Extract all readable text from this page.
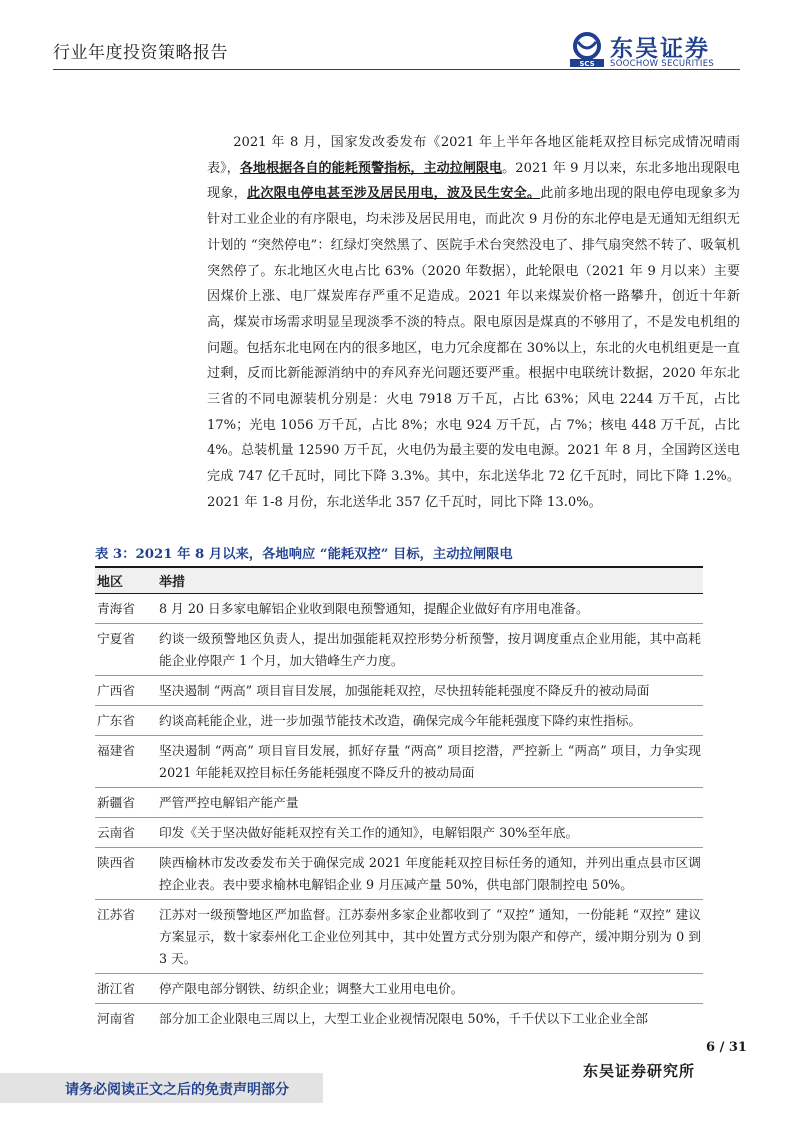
行业年度投资策略报告
SCS
东吴证券
SOOCHOW SECURITIES

2021 年 8 月，国家发改委发布《2021 年上半年各地区能耗双控目标完成情况晴雨表》，各地根据各自的能耗预警指标，主动拉闸限电。2021 年 9 月以来，东北多地出现限电现象，此次限电停电甚至涉及居民用电，波及民生安全。此前多地出现的限电停电现象多为针对工业企业的有序限电，均未涉及居民用电，而此次 9 月份的东北停电是无通知无组织无计划的 “突然停电”：红绿灯突然黑了、医院手术台突然没电了、排气扇突然不转了、吸氧机突然停了。东北地区火电占比 63%（2020 年数据），此轮限电（2021 年 9 月以来）主要因煤价上涨、电厂煤炭库存严重不足造成。2021 年以来煤炭价格一路攀升，创近十年新高，煤炭市场需求明显呈现淡季不淡的特点。限电原因是煤真的不够用了，不是发电机组的问题。包括东北电网在内的很多地区，电力冗余度都在 30%以上，东北的火电机组更是一直过剩，反而比新能源消纳中的弃风弃光问题还要严重。根据中电联统计数据，2020 年东北三省的不同电源装机分别是：火电 7918 万千瓦，占比 63%；风电 2244 万千瓦，占比 17%；光电 1056 万千瓦，占比 8%；水电 924 万千瓦，占 7%；核电 448 万千瓦，占比 4%。总装机量 12590 万千瓦，火电仍为最主要的发电电源。2021 年 8 月，全国跨区送电完成 747 亿千瓦时，同比下降 3.3%。其中，东北送华北 72 亿千瓦时，同比下降 1.2%。2021 年 1-8 月份，东北送华北 357 亿千瓦时，同比下降 13.0%。

表 3：2021 年 8 月以来，各地响应 “能耗双控” 目标，主动拉闸限电
地区	举措
青海省	8 月 20 日多家电解铝企业收到限电预警通知，提醒企业做好有序用电准备。
宁夏省	约谈一级预警地区负责人，提出加强能耗双控形势分析预警，按月调度重点企业用能，其中高耗能企业停限产 1 个月，加大错峰生产力度。
广西省	坚决遏制 “两高” 项目盲目发展，加强能耗双控，尽快扭转能耗强度不降反升的被动局面
广东省	约谈高耗能企业，进一步加强节能技术改造，确保完成今年能耗强度下降约束性指标。
福建省	坚决遏制 “两高” 项目盲目发展，抓好存量 “两高” 项目挖潜，严控新上 “两高” 项目，力争实现 2021 年能耗双控目标任务能耗强度不降反升的被动局面
新疆省	严管严控电解铝产能产量
云南省	印发《关于坚决做好能耗双控有关工作的通知》，电解铝限产 30%至年底。
陕西省	陕西榆林市发改委发布关于确保完成 2021 年度能耗双控目标任务的通知，并列出重点县市区调控企业表。表中要求榆林电解铝企业 9 月压减产量 50%，供电部门限制控电 50%。
江苏省	江苏对一级预警地区严加监督。江苏泰州多家企业都收到了 “双控” 通知，一份能耗 “双控” 建议方案显示，数十家泰州化工企业位列其中，其中处置方式分别为限产和停产，缓冲期分别为 0 到 3 天。
浙江省	停产限电部分钢铁、纺织企业；调整大工业用电电价。
河南省	部分加工企业限电三周以上，大型工业企业视情况限电 50%，千千伏以下工业企业全部
6 / 31
东吴证券研究所
请务必阅读正文之后的免责声明部分
